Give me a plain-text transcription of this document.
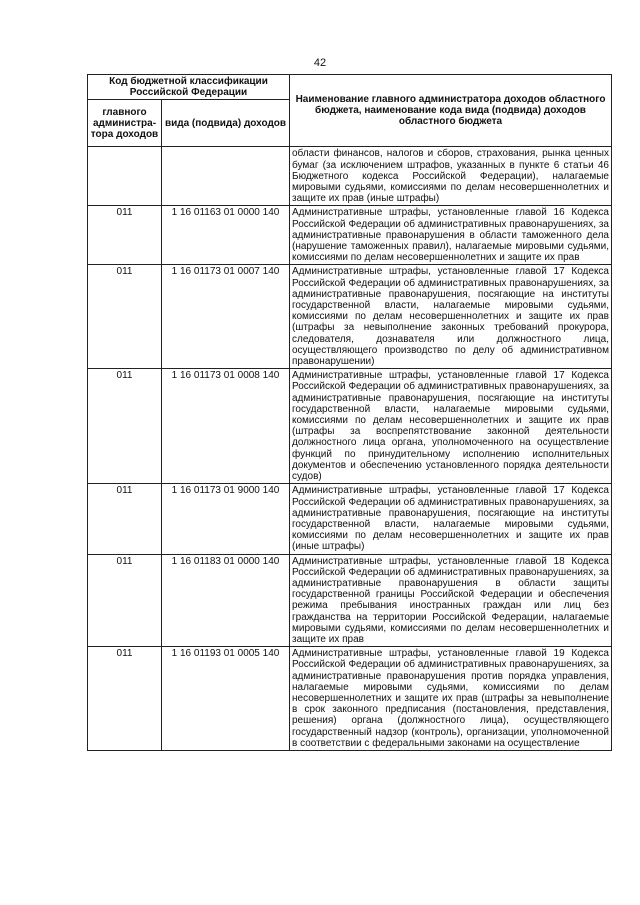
42
Код бюджетной классификации Российской Федерации		Наименование главного администратора доходов областного бюджета, наименование кода вида (подвида) доходов областного бюджета
главного администра-тора доходов	вида (подвида) доходов	
		области финансов, налогов и сборов, страхования, рынка ценных бумаг (за исключением штрафов, указанных в пункте 6 статьи 46 Бюджетного кодекса Российской Федерации), налагаемые мировыми судьями, комиссиями по делам несовершеннолетних и защите их прав (иные штрафы)
011	1 16 01163 01 0000 140	Административные штрафы, установленные главой 16 Кодекса Российской Федерации об административных правонарушениях, за административные правонарушения в области таможенного дела (нарушение таможенных правил), налагаемые мировыми судьями, комиссиями по делам несовершеннолетних и защите их прав
011	1 16 01173 01 0007 140	Административные штрафы, установленные главой 17 Кодекса Российской Федерации об административных правонарушениях, за административные правонарушения, посягающие на институты государственной власти, налагаемые мировыми судьями, комиссиями по делам несовершеннолетних и защите их прав (штрафы за невыполнение законных требований прокурора, следователя, дознавателя или должностного лица, осуществляющего производство по делу об административном правонарушении)
011	1 16 01173 01 0008 140	Административные штрафы, установленные главой 17 Кодекса Российской Федерации об административных правонарушениях, за административные правонарушения, посягающие на институты государственной власти, налагаемые мировыми судьями, комиссиями по делам несовершеннолетних и защите их прав (штрафы за воспрепятствование законной деятельности должностного лица органа, уполномоченного на осуществление функций по принудительному исполнению исполнительных документов и обеспечению установленного порядка деятельности судов)
011	1 16 01173 01 9000 140	Административные штрафы, установленные главой 17 Кодекса Российской Федерации об административных правонарушениях, за административные правонарушения, посягающие на институты государственной власти, налагаемые мировыми судьями, комиссиями по делам несовершеннолетних и защите их прав (иные штрафы)
011	1 16 01183 01 0000 140	Административные штрафы, установленные главой 18 Кодекса Российской Федерации об административных правонарушениях, за административные правонарушения в области защиты государственной границы Российской Федерации и обеспечения режима пребывания иностранных граждан или лиц без гражданства на территории Российской Федерации, налагаемые мировыми судьями, комиссиями по делам несовершеннолетних и защите их прав
011	1 16 01193 01 0005 140	Административные штрафы, установленные главой 19 Кодекса Российской Федерации об административных правонарушениях, за административные правонарушения против порядка управления, налагаемые мировыми судьями, комиссиями по делам несовершеннолетних и защите их прав (штрафы за невыполнение в срок законного предписания (постановления, представления, решения) органа (должностного лица), осуществляющего государственный надзор (контроль), организации, уполномоченной в соответствии с федеральными законами на осуществление
